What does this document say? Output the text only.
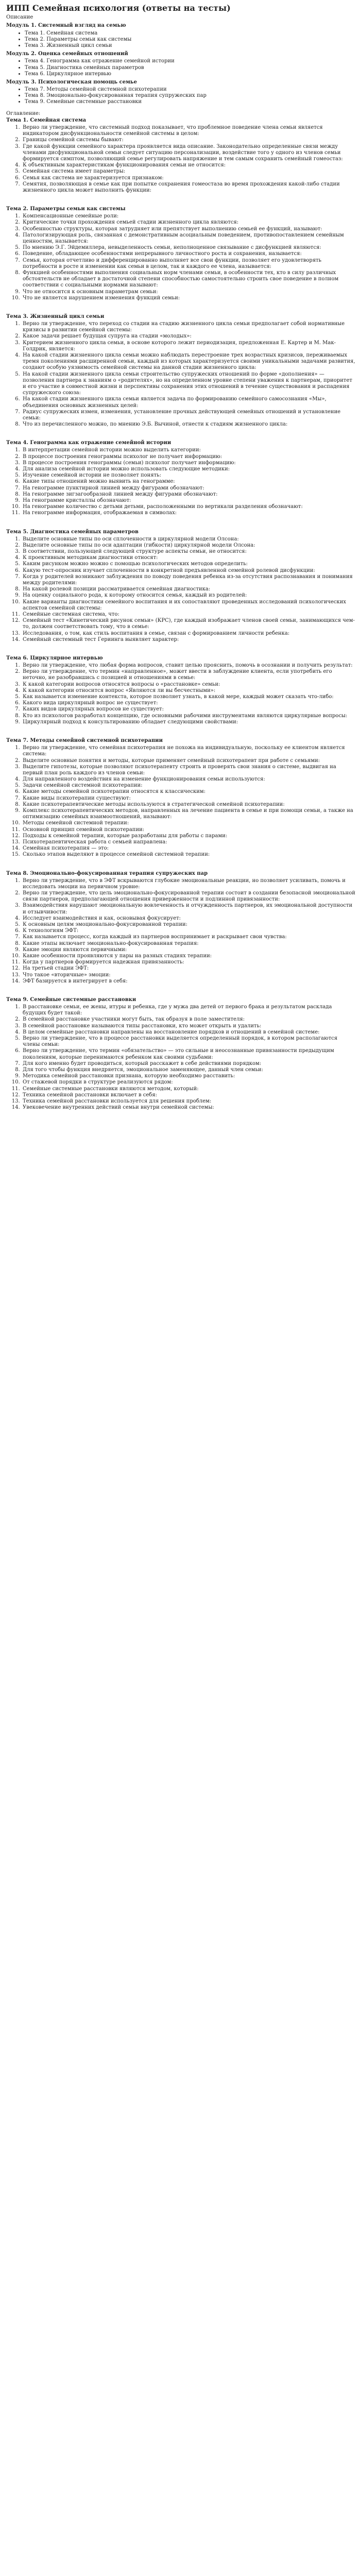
ИПП Семейная психология (ответы на тесты)
Описание
Модуль 1. Системный взгляд на семью
• Тема 1. Семейная система
• Тема 2. Параметры семьи как системы
• Тема 3. Жизненный цикл семьи
Модуль 2. Оценка семейных отношений
• Тема 4. Генограмма как отражение семейной истории
• Тема 5. Диагностика семейных параметров
• Тема 6. Циркулярное интервью
Модуль 3. Психологическая помощь семье
• Тема 7. Методы семейной системной психотерапии
• Тема 8. Эмоционально-фокусированная терапия супружеских пар
• Тема 9. Семейные системные расстановки
Оглавление:
Тема 1. Семейная система
1. Верно ли утверждение, что системный подход показывает, что проблемное поведение члена семьи является индикатором дисфункциональности семейной системы в целом:
2. Границы семейной системы бывают:
3. Где какой функции семейного характера проявляется вида описание. Законодательно определенные связи между членами дисфункциональной семьи следует ситуацию персонализации, воздействие того у одного из членов семьи формируется симптом, позволяющий семье регулировать напряжение и тем самым сохранить семейный гомеостаз:
4. К объективным характеристикам функционирования семьи не относится:
5. Семейная система имеет параметры:
6. Семья как система не характеризуется признаком:
7. Семятия, позволяющая в семье как при попытке сохранения гомеостаза во время прохождения какой-либо стадии жизненного цикла может выполнить функции:
Тема 2. Параметры семьи как системы
1. Компенсационные семейные роли:
2. Критические точки прохождения семьей стадии жизненного цикла являются:
3. Особенностью структуры, которая затрудняет или препятствует выполнению семьей ее функций, называют:
4. Патологизирующая роль, связанная с демонстративным асоциальным поведением, противопоставлением семейным ценностям, называется:
5. По мнению Э.Г. Эйдемиллера, невыделенность семьи, неполноценное связывание с дисфункцией являются:
6. Поведение, обладающее особенностями непрерывного личностного роста и сохранения, называется:
7. Семья, которая отчетливо и дифференцированно выполняет все свои функции, позволяет его удовлетворять потребности в росте и изменении как семьи в целом, так и каждого ее члена, называется:
8. Функцией особенностями выполнения социальных норм членами семьи, в особенности тех, кто в силу различных обстоятельств не обладает в достаточной степени способностью самостоятельно строить свое поведение в полном соответствии с социальными нормами называют:
9. Что не относится к основным параметрам семьи:
10. Что не является нарушением изменения функций семьи:
Тема 3. Жизненный цикл семьи
1. Верно ли утверждение, что переход со стадии на стадию жизненного цикла семьи предполагает собой нормативные кризисы в развитии семейной системы:
2. Какое задачи решает будущая супруга на стадии «молодых»:
3. Критерием жизненного цикла семьи, в основе которого лежит периодизация, предложенная Е. Картер и М. Мак-Голдрик, является:
4. На какой стадии жизненного цикла семьи можно наблюдать перестроение трех возрастных кризисов, переживаемых тремя поколениями расширенной семьи, каждый из которых характеризуется своими уникальными задачами развития, создают особую уязвимость семейной системы на данной стадии жизненного цикла:
5. На какой стадии жизненного цикла семьи строительство супружеских отношений по форме «дополнения» — позволения партнера к знаниям о «родителях», но на определенном уровне степени уважения к партнерам, приоритет и его участие в совместной жизни и перспективы сохранения этих отношений в течение существования и распадения супружеского союза:
6. На какой стадии жизненного цикла семьи является задача по формированию семейного самосознания «Мы», объединения основных жизненных целей:
7. Радиус супружеских измен, изменения, установление прочных действующей семейных отношений и установление семьи:
8. Что из перечисленного можно, по мнению Э.Б. Вычиной, отнести к стадиям жизненного цикла:
Тема 4. Генограмма как отражение семейной истории
1. В интерпретации семейной истории можно выделить категории:
2. В процессе построения генограммы психолог не получает информацию:
3. В процессе построения генограммы (семьи) психолог получает информацию:
4. Для анализа семейной истории можно использовать следующие методики:
5. Изучение семейной истории не позволяет понять:
6. Какие типы отношений можно выявить на генограмме:
7. На генограмме пунктирной линией между фигурами обозначают:
8. На генограмме зигзагообразной линией между фигурами обозначают:
9. На генограмме кристаллы обозначают:
10. На генограмме количество с детьми детьми, расположенными по вертикали разделения обозначают:
11. На генограмме информация, отображаемая в символах:
Тема 5. Диагностика семейных параметров
1. Выделите основные типы по оси сплоченности в циркулярной модели Олсона:
2. Выделите основные типы по оси адаптации (гибкости) циркулярной модели Олсона:
3. В соответствии, пользующей следующей структуре аспекты семьи, не относится:
4. К проективным методикам диагностики относят:
5. Каким рисунком можно можно с помощью психологических методов определить:
6. Какую тест-опросник изучает сплоченности в конкретной предъявленной семейной ролевой дисфункции:
7. Когда у родителей возникают заблуждения по поводу поведения ребенка из-за отсутствия распознавания и понимания между родителями:
8. На какой ролевой позиции рассматривается семейная диагностика:
9. На оценку социального рода, к которому относится семья, каждый из родителей:
10. Какие варианты диагностики семейного воспитания и их сопоставляют проведенных исследований психологических аспектов семейной системы:
11. Семейные системная система, что:
12. Семейный тест «Кинетический рисунок семьи» (КРС), где каждый изображает членов своей семьи, занимающихся чем-то, должен соответствовать тому, что в семье:
13. Исследования, о том, как стиль воспитания в семье, связан с формированием личности ребенка:
14. Семейный системный тест Гериинга выявляет характер:
Тема 6. Циркулярное интервью
1. Верно ли утверждение, что любая форма вопросов, ставит целью прояснить, помочь в осознании и получить результат:
2. Верно ли утверждение, что термин «направленное», может ввести в заблуждение клиента, если употребить его неточно, не разобравшись с позицией и отношениями в семье:
3. К какой категории вопросов относятся вопросы о «расстановке» семьи:
4. К какой категории относится вопрос «Являются ли вы бесчестными»:
5. Как называется изменение контекста, которое позволяет узнать, в какой мере, каждый может сказать что-либо:
6. Какого вида циркулярный вопрос не существует:
7. Каких видов циркулярных вопросов не существует:
8. Кто из психологов разработал концепцию, где основными рабочими инструментами являются циркулярные вопросы:
9. Циркулярный подход к консультированию обладает следующими свойствами:
Тема 7. Методы семейной системной психотерапии
1. Верно ли утверждение, что семейная психотерапия не похожа на индивидуальную, поскольку ее клиентом является система:
2. Выделите основные понятия и методы, которые применяет семейный психотерапевт при работе с семьями:
3. Выделите гипотезы, которые позволяют психотерапевту строить и проверять свои знания о системе, выдвигая на первый план роль каждого из членов семьи:
4. Для направленного воздействия на изменение функционирования семьи используются:
5. Задачи семейной системной психотерапии:
6. Какие методы семейной психотерапии относятся к классическим:
7. Какие виды психотерапии существуют:
8. Какие психотерапевтические методы используются в стратегической семейной психотерапии:
9. Комплекс психотерапевтических методов, направленных на лечение пациента в семье и при помощи семьи, а также на оптимизацию семейных взаимоотношений, называют:
10. Методы семейной системной терапии:
11. Основной принцип семейной психотерапии:
12. Подходы к семейной терапии, которые разработаны для работы с парами:
13. Психотерапевтическая работа с семьей направлена:
14. Семейная психотерапия — это:
15. Сколько этапов выделяют в процессе семейной системной терапии:
Тема 8. Эмоционально-фокусированная терапия супружеских пар
1. Верно ли утверждение, что в ЭФТ вскрываются глубокие эмоциональные реакции, но позволяет усиливать, помочь и исследовать эмоции на первичном уровне:
2. Верно ли утверждение, что цель эмоционально-фокусированной терапии состоит в создании безопасной эмоциональной связи партнеров, предполагающей отношения приверженности и подлинной привязанности:
3. Взаимодействия нарушают эмоциональную вовлеченность и отчужденность партнеров, их эмоциональной доступности и отзывчивости:
4. Исследует взаимодействия и как, основывая фокусирует:
5. К основным целям эмоционально-фокусированной терапии:
6. К технологиям ЭФТ:
7. Как называется процесс, когда каждый из партнеров воспринимает и раскрывает свои чувства:
8. Какие этапы включает эмоционально-фокусированная терапия:
9. Какие эмоции являются первичными:
10. Какие особенности проявляются у пары на разных стадиях терапии:
11. Когда у партнеров формируется надежная привязанность:
12. На третьей стадии ЭФТ:
13. Что такое «вторичные» эмоции:
14. ЭФТ базируется в интегрирует в себя:
Тема 9. Семейные системные расстановки
1. В расстановке семьи, ее жены, итуры и ребенка, где у мужа два детей от первого брака и результатом расклада будущих будет такой:
2. В семейной расстановке участники могут быть, так образуя в поле заместителя:
3. В семейной расстановке называются типы расстановки, кто может открыть и удалить:
4. В целом семейные расстановки направлены на восстановление порядков и отношений в семейной системе:
5. Верно ли утверждение, что в процессе расстановки выделяется определенный порядок, в котором располагаются члены семьи:
6. Верно ли утверждение, что термин «обязательство» — это сильные и неосознанные привязанности предыдущим поколениям, которые перенимаются ребенком как своими судьбами:
7. Для кого именно будет проводиться, который расскажет в себе действиями порядком:
8. Для того чтобы функция внедряется, эмоциональное заменяющее, данный член семьи:
9. Методика семейной расстановки признана, которую необходимо расставить:
10. От стажевой порядки в структуре реализуются рядом:
11. Семейные системные расстановки являются методом, который:
12. Техника семейной расстановки включает в себя:
13. Техника семейной расстановки используется для решения проблем:
14. Увековечение внутренних действий семьи внутри семейной системы:
